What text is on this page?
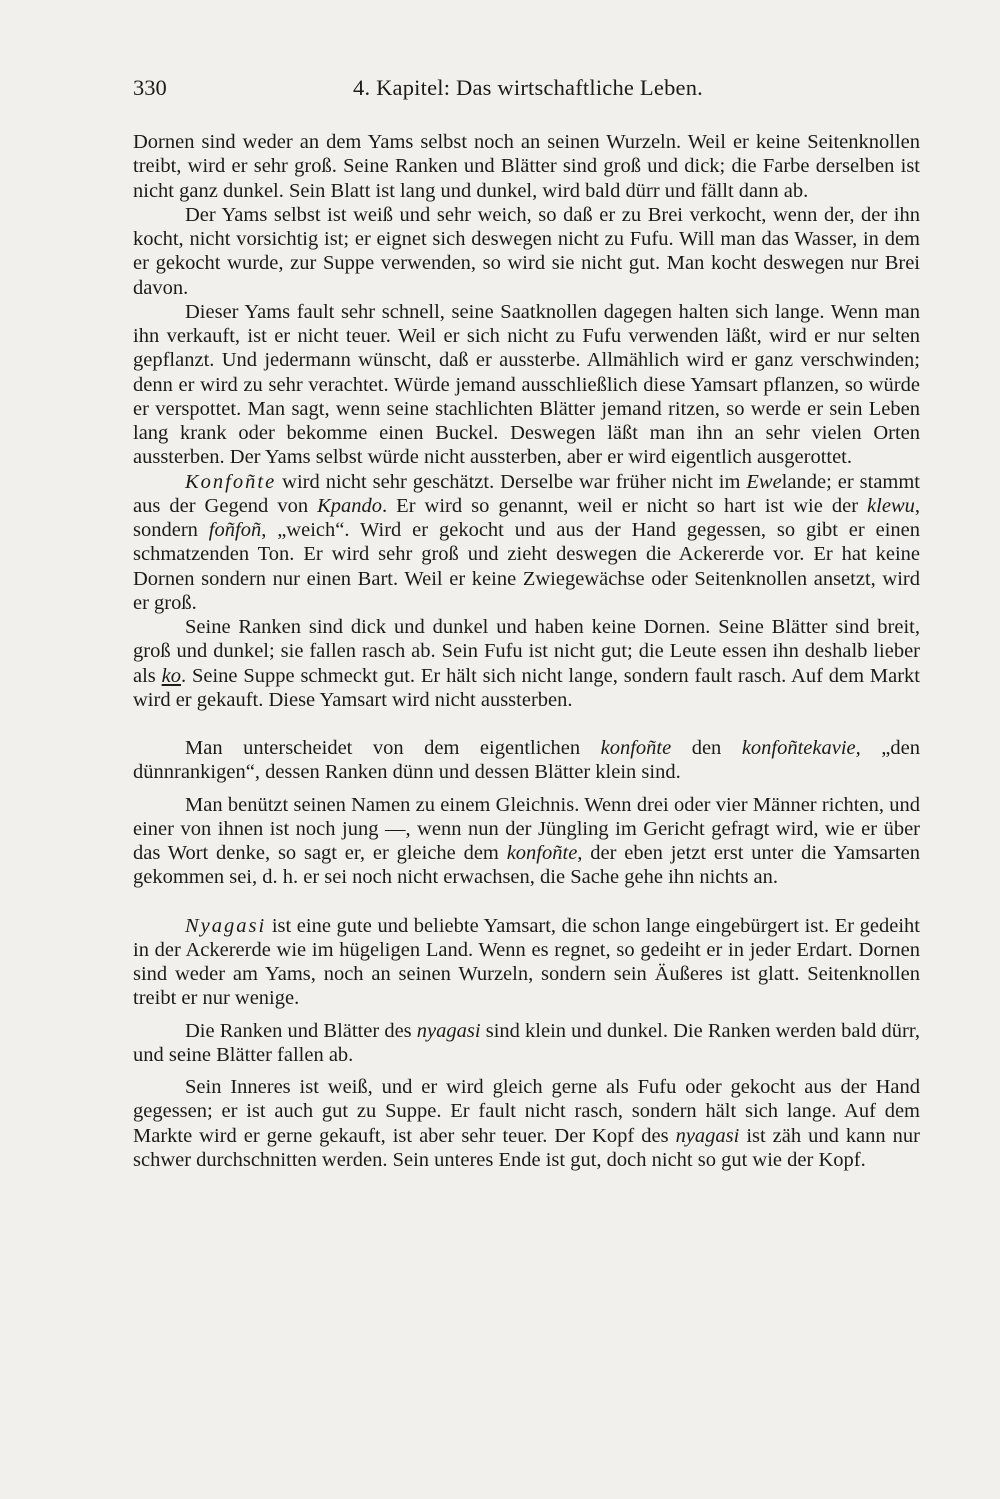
330	4. Kapitel: Das wirtschaftliche Leben.

Dornen sind weder an dem Yams selbst noch an seinen Wurzeln. Weil er keine Seitenknollen treibt, wird er sehr groß. Seine Ranken und Blätter sind groß und dick; die Farbe derselben ist nicht ganz dunkel. Sein Blatt ist lang und dunkel, wird bald dürr und fällt dann ab.

Der Yams selbst ist weiß und sehr weich, so daß er zu Brei verkocht, wenn der, der ihn kocht, nicht vorsichtig ist; er eignet sich deswegen nicht zu Fufu. Will man das Wasser, in dem er gekocht wurde, zur Suppe verwenden, so wird sie nicht gut. Man kocht deswegen nur Brei davon.

Dieser Yams fault sehr schnell, seine Saatknollen dagegen halten sich lange. Wenn man ihn verkauft, ist er nicht teuer. Weil er sich nicht zu Fufu verwenden läßt, wird er nur selten gepflanzt. Und jedermann wünscht, daß er aussterbe. Allmählich wird er ganz verschwinden; denn er wird zu sehr verachtet. Würde jemand ausschließlich diese Yamsart pflanzen, so würde er verspottet. Man sagt, wenn seine stachlichten Blätter jemand ritzen, so werde er sein Leben lang krank oder bekomme einen Buckel. Deswegen läßt man ihn an sehr vielen Orten aussterben. Der Yams selbst würde nicht aussterben, aber er wird eigentlich ausgerottet.

Konfoñte wird nicht sehr geschätzt. Derselbe war früher nicht im Ewelande; er stammt aus der Gegend von Kpando. Er wird so genannt, weil er nicht so hart ist wie der klewu, sondern foñfoñ, „weich“. Wird er gekocht und aus der Hand gegessen, so gibt er einen schmatzenden Ton. Er wird sehr groß und zieht deswegen die Ackererde vor. Er hat keine Dornen sondern nur einen Bart. Weil er keine Zwiegewächse oder Seitenknollen ansetzt, wird er groß.

Seine Ranken sind dick und dunkel und haben keine Dornen. Seine Blätter sind breit, groß und dunkel; sie fallen rasch ab. Sein Fufu ist nicht gut; die Leute essen ihn deshalb lieber als ko. Seine Suppe schmeckt gut. Er hält sich nicht lange, sondern fault rasch. Auf dem Markt wird er gekauft. Diese Yamsart wird nicht aussterben.

Man unterscheidet von dem eigentlichen konfoñte den konfoñtekavie, „den dünnrankigen“, dessen Ranken dünn und dessen Blätter klein sind.

Man benützt seinen Namen zu einem Gleichnis. Wenn drei oder vier Männer richten, und einer von ihnen ist noch jung —, wenn nun der Jüngling im Gericht gefragt wird, wie er über das Wort denke, so sagt er, er gleiche dem konfoñte, der eben jetzt erst unter die Yamsarten gekommen sei, d. h. er sei noch nicht erwachsen, die Sache gehe ihn nichts an.

Nyagasi ist eine gute und beliebte Yamsart, die schon lange eingebürgert ist. Er gedeiht in der Ackererde wie im hügeligen Land. Wenn es regnet, so gedeiht er in jeder Erdart. Dornen sind weder am Yams, noch an seinen Wurzeln, sondern sein Äußeres ist glatt. Seitenknollen treibt er nur wenige.

Die Ranken und Blätter des nyagasi sind klein und dunkel. Die Ranken werden bald dürr, und seine Blätter fallen ab.

Sein Inneres ist weiß, und er wird gleich gerne als Fufu oder gekocht aus der Hand gegessen; er ist auch gut zu Suppe. Er fault nicht rasch, sondern hält sich lange. Auf dem Markte wird er gerne gekauft, ist aber sehr teuer. Der Kopf des nyagasi ist zäh und kann nur schwer durchschnitten werden. Sein unteres Ende ist gut, doch nicht so gut wie der Kopf.
